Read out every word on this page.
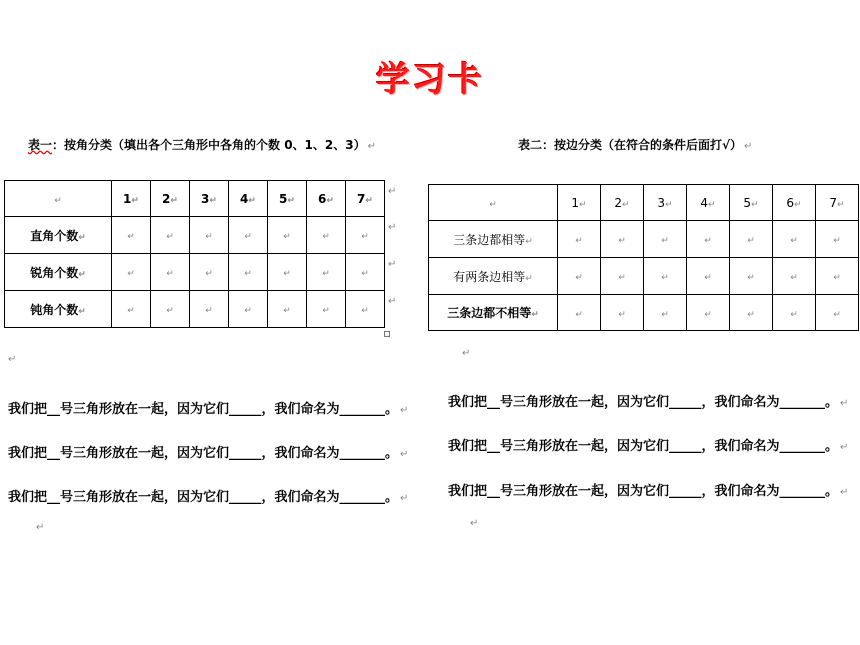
学习卡
表一：按角分类（填出各个三角形中各角的个数 0、1、2、3） ↵	表二：按边分类（在符合的条件后面打√） ↵
↵	1↵	2↵	3↵	4↵	5↵	6↵	7↵
直角个数↵	↵	↵	↵	↵	↵	↵	↵
锐角个数↵	↵	↵	↵	↵	↵	↵	↵
钝角个数↵	↵	↵	↵	↵	↵	↵	↵
↵
↵
↵
↵
↵	1↵	2↵	3↵	4↵	5↵	6↵	7↵
三条边都相等↵	↵	↵	↵	↵	↵	↵	↵
有两条边相等↵	↵	↵	↵	↵	↵	↵	↵
三条边都不相等↵	↵	↵	↵	↵	↵	↵	↵
↵
↵
↵	↵
我们把__号三角形放在一起，因为它们_____，我们命名为_______。 ↵
我们把__号三角形放在一起，因为它们_____，我们命名为_______。 ↵
我们把__号三角形放在一起，因为它们_____，我们命名为_______。 ↵
我们把__号三角形放在一起，因为它们_____，我们命名为_______。 ↵
我们把__号三角形放在一起，因为它们_____，我们命名为_______。 ↵
我们把__号三角形放在一起，因为它们_____，我们命名为_______。 ↵
